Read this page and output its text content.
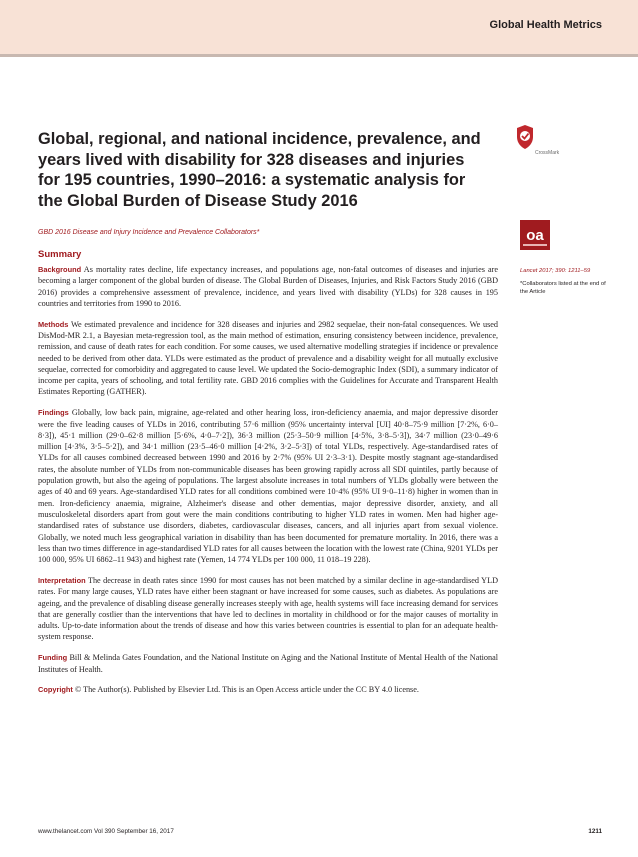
Global Health Metrics
Global, regional, and national incidence, prevalence, and years lived with disability for 328 diseases and injuries for 195 countries, 1990–2016: a systematic analysis for the Global Burden of Disease Study 2016
CrossMark
oa
GBD 2016 Disease and Injury Incidence and Prevalence Collaborators*
Summary

Background As mortality rates decline, life expectancy increases, and populations age, non-fatal outcomes of diseases and injuries are becoming a larger component of the global burden of disease. The Global Burden of Diseases, Injuries, and Risk Factors Study 2016 (GBD 2016) provides a comprehensive assessment of prevalence, incidence, and years lived with disability (YLDs) for 328 causes in 195 countries and territories from 1990 to 2016.

Methods We estimated prevalence and incidence for 328 diseases and injuries and 2982 sequelae, their non-fatal consequences. We used DisMod-MR 2.1, a Bayesian meta-regression tool, as the main method of estimation, ensuring consistency between incidence, prevalence, remission, and cause of death rates for each condition. For some causes, we used alternative modelling strategies if incidence or prevalence needed to be derived from other data. YLDs were estimated as the product of prevalence and a disability weight for all mutually exclusive sequelae, corrected for comorbidity and aggregated to cause level. We updated the Socio-demographic Index (SDI), a summary indicator of income per capita, years of schooling, and total fertility rate. GBD 2016 complies with the Guidelines for Accurate and Transparent Health Estimates Reporting (GATHER).

Findings Globally, low back pain, migraine, age-related and other hearing loss, iron-deficiency anaemia, and major depressive disorder were the five leading causes of YLDs in 2016, contributing 57·6 million (95% uncertainty interval [UI] 40·8–75·9 million [7·2%, 6·0–8·3]), 45·1 million (29·0–62·8 million [5·6%, 4·0–7·2]), 36·3 million (25·3–50·9 million [4·5%, 3·8–5·3]), 34·7 million (23·0–49·6 million [4·3%, 3·5–5·2]), and 34·1 million (23·5–46·0 million [4·2%, 3·2–5·3]) of total YLDs, respectively. Age-standardised rates of YLDs for all causes combined decreased between 1990 and 2016 by 2·7% (95% UI 2·3–3·1). Despite mostly stagnant age-standardised rates, the absolute number of YLDs from non-communicable diseases has been growing rapidly across all SDI quintiles, partly because of population growth, but also the ageing of populations. The largest absolute increases in total numbers of YLDs globally were between the ages of 40 and 69 years. Age-standardised YLD rates for all conditions combined were 10·4% (95% UI 9·0–11·8) higher in women than in men. Iron-deficiency anaemia, migraine, Alzheimer's disease and other dementias, major depressive disorder, anxiety, and all musculoskeletal disorders apart from gout were the main conditions contributing to higher YLD rates in women. Men had higher age-standardised rates of substance use disorders, diabetes, cardiovascular diseases, cancers, and all injuries apart from sexual violence. Globally, we noted much less geographical variation in disability than has been documented for premature mortality. In 2016, there was a less than two times difference in age-standardised YLD rates for all causes between the location with the lowest rate (China, 9201 YLDs per 100 000, 95% UI 6862–11 943) and highest rate (Yemen, 14 774 YLDs per 100 000, 11 018–19 228).

Interpretation The decrease in death rates since 1990 for most causes has not been matched by a similar decline in age-standardised YLD rates. For many large causes, YLD rates have either been stagnant or have increased for some causes, such as diabetes. As populations are ageing, and the prevalence of disabling disease generally increases steeply with age, health systems will face increasing demand for services that are generally costlier than the interventions that have led to declines in mortality in childhood or for the major causes of mortality in adults. Up-to-date information about the trends of disease and how this varies between countries is essential to plan for an adequate health-system response.

Funding Bill & Melinda Gates Foundation, and the National Institute on Aging and the National Institute of Mental Health of the National Institutes of Health.

Copyright © The Author(s). Published by Elsevier Ltd. This is an Open Access article under the CC BY 4.0 license.

Lancet 2017; 390: 1211–59
*Collaborators listed at the end of the Article
www.thelancet.com Vol 390 September 16, 2017	1211
